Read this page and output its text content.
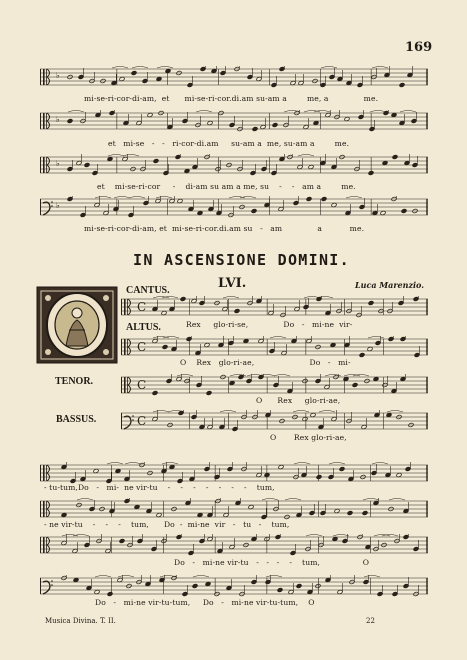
169
♭
mi-se-ri-cor-di-am,  et      mi-se-ri-cor.di.am su-am a        me, a              me.
♭
et   mi-se   -   -   ri-cor-di.am     su-am a  me, su-am a        me.
♭
et    mi-se-ri-cor     -    di-am su am a me, su    -    -   am a        me.
♭
mi-se-ri-cor-di-am, et  mi-se-ri-cor.di.am su   -   am              a           me.
IN ASCENSIONE DOMINI.
LVI.	Luca Marenzio.
CANTUS.
ALTUS.
TENOR.
BASSUS.
C
Rex     glo-ri-se,              Do   -   mi-ne  vir-
C
O    Rex   glo-ri-ae,                      Do   -   mi-
C
O      Rex     glo-ri-ae,
C
O       Rex glo-ri-ae,
- tu-tum,Do   -   mi-  ne vir-tu    -    -    -    -    -    -    -    tum,
- ne vir-tu    -    -    -    tum,      Do  -  mi-ne  vir   -   tu   -    tum,
Do   -   mi-ne vir-tu   -   -   -    -    tum,                 O
Do   -   mi-ne vir-tu-tum,     Do   -   mi-ne vir-tu-tum,    O
Musica Divina. T. II.	22
